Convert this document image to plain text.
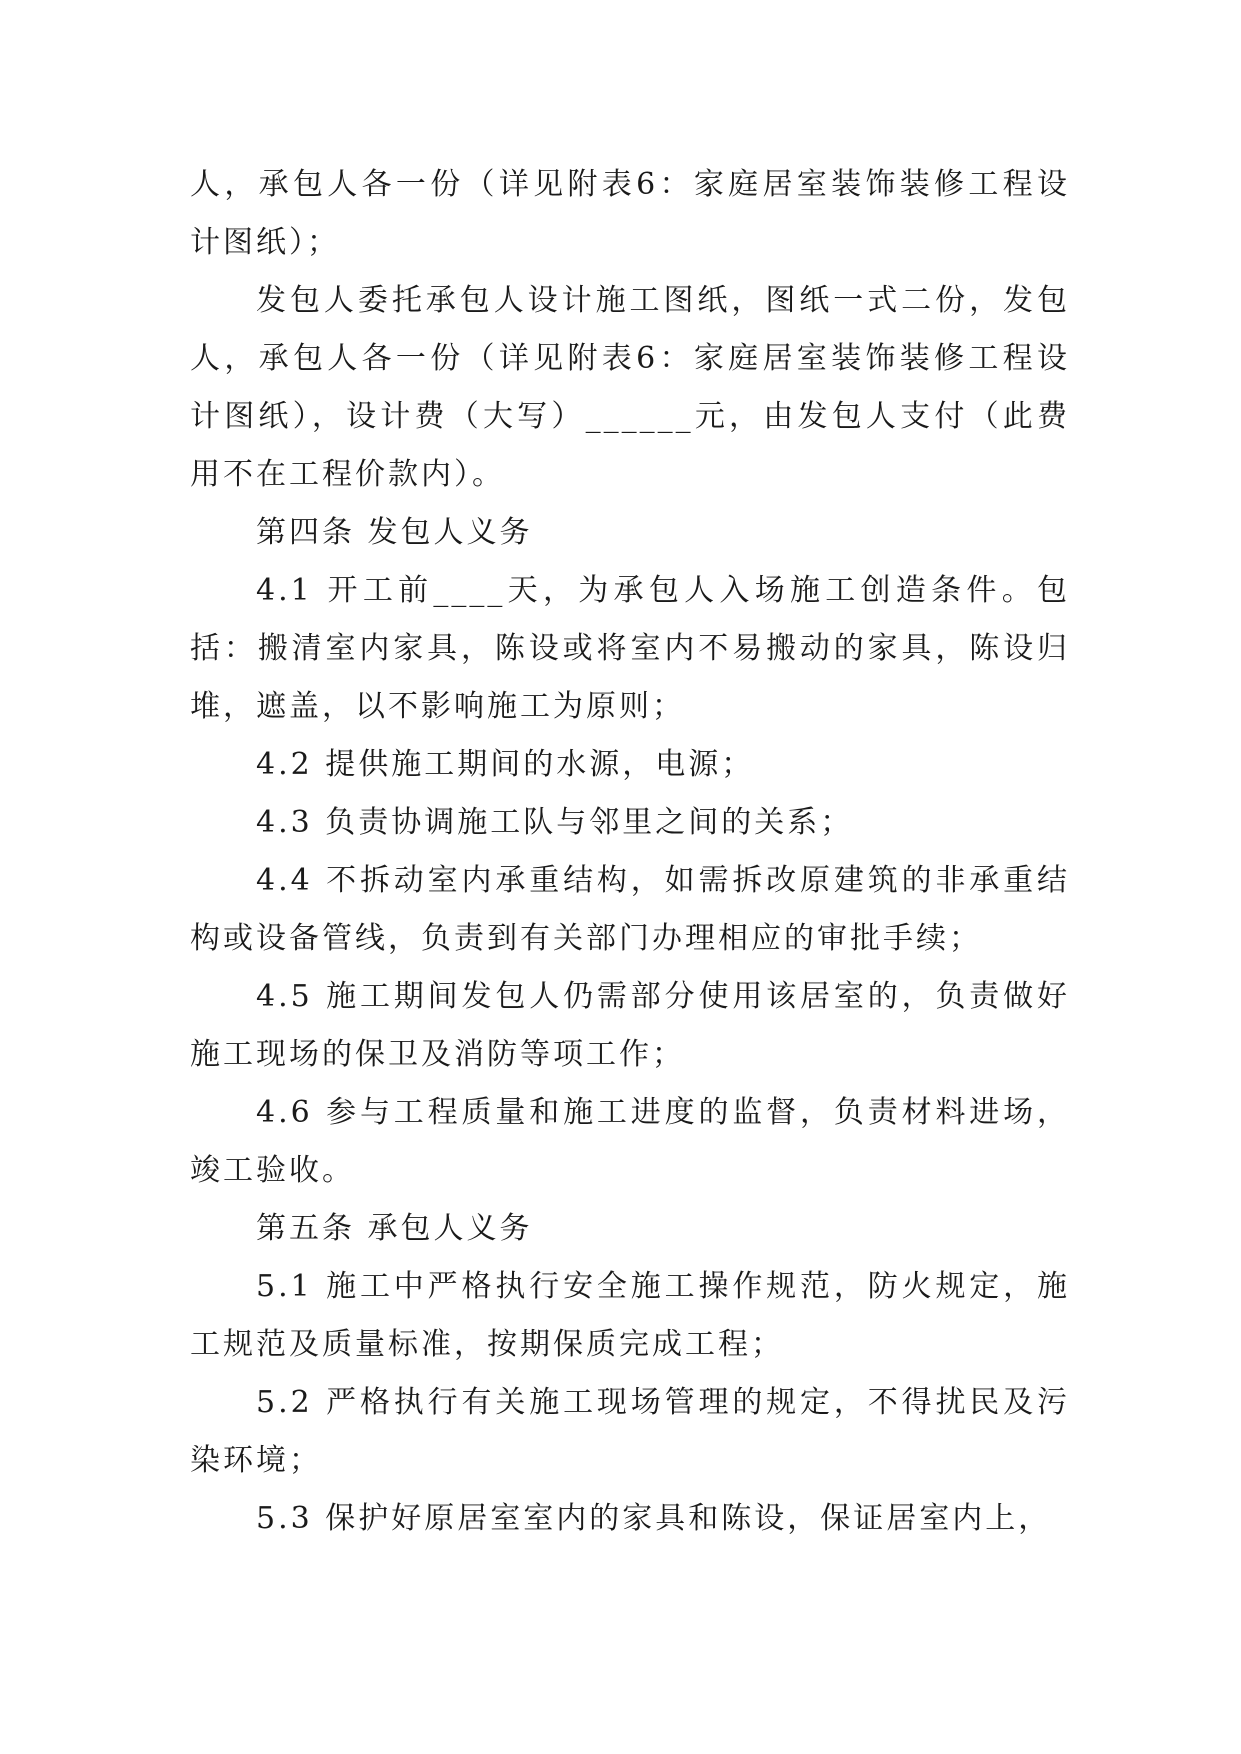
人，承包人各一份（详见附表6：家庭居室装饰装修工程设计图纸）；

发包人委托承包人设计施工图纸，图纸一式二份，发包人，承包人各一份（详见附表6：家庭居室装饰装修工程设计图纸），设计费（大写）______元，由发包人支付（此费用不在工程价款内）。

第四条 发包人义务

4.1 开工前____天，为承包人入场施工创造条件。包括：搬清室内家具，陈设或将室内不易搬动的家具，陈设归堆，遮盖，以不影响施工为原则；

4.2 提供施工期间的水源，电源；

4.3 负责协调施工队与邻里之间的关系；

4.4 不拆动室内承重结构，如需拆改原建筑的非承重结构或设备管线，负责到有关部门办理相应的审批手续；

4.5 施工期间发包人仍需部分使用该居室的，负责做好施工现场的保卫及消防等项工作；

4.6 参与工程质量和施工进度的监督，负责材料进场，竣工验收。

第五条 承包人义务

5.1 施工中严格执行安全施工操作规范，防火规定，施工规范及质量标准，按期保质完成工程；

5.2 严格执行有关施工现场管理的规定，不得扰民及污染环境；

5.3 保护好原居室室内的家具和陈设，保证居室内上，
